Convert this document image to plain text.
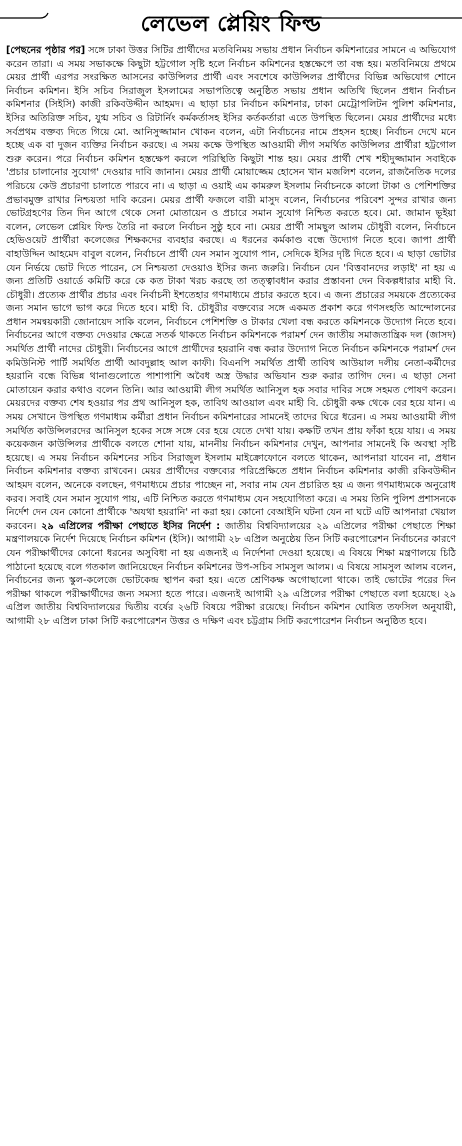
লেভেল প্লেয়িং ফিল্ড

[পেছনের পৃষ্ঠার পর] সঙ্গে ঢাকা উত্তর সিটির প্রার্থীদের মতবিনিময় সভায় প্রধান নির্বাচন কমিশনারের সামনে এ অভিযোগ করেন তারা। এ সময় সভাকক্ষে কিছুটা হট্টগোল সৃষ্টি হলে নির্বাচন কমিশনের হস্তক্ষেপে তা বন্ধ হয়। মতবিনিময়ে প্রথমে মেয়র প্রার্থী এরপর সংরক্ষিত আসনের কাউন্সিলর প্রার্থী এবং সবশেষে কাউন্সিলর প্রার্থীদের বিভিন্ন অভিযোগ শোনে নির্বাচন কমিশন। ইসি সচিব সিরাজুল ইসলামের সভাপতিত্বে অনুষ্ঠিত সভায় প্রধান অতিথি ছিলেন প্রধান নির্বাচন কমিশনার (সিইসি) কাজী রকিবউদ্দীন আহমদ। এ ছাড়া চার নির্বাচন কমিশনার, ঢাকা মেট্রোপলিটন পুলিশ কমিশনার, ইসির অতিরিক্ত সচিব, যুগ্ম সচিব ও রিটার্নিং কর্মকর্তাসহ ইসির কর্তকর্তারা এতে উপস্থিত ছিলেন। মেয়র প্রার্থীদের মধ্যে সর্বপ্রথম বক্তব্য দিতে গিয়ে মো. আনিসুজ্জামান খোকন বলেন, এটা নির্বাচনের নামে প্রহসন হচ্ছে। নির্বাচন দেখে মনে হচ্ছে এক বা দুজন ব্যক্তির নির্বাচন করছে। এ সময় কক্ষে উপস্থিত আওয়ামী লীগ সমর্থিত কাউন্সিলর প্রার্থীরা হট্টগোল শুরু করেন। পরে নির্বাচন কমিশন হস্তক্ষেপ করলে পরিস্থিতি কিছুটা শান্ত হয়। মেয়র প্রার্থী শেখ শহীদুজ্জামান সবাইকে 'প্রচার চালানোর সুযোগ' দেওয়ার দাবি জানান। মেয়র প্রার্থী মোয়াজ্জেম হোসেন খান মজলিশ বলেন, রাজনৈতিক দলের পরিচয়ে কেউ প্রচারণা চালাতে পারবে না। এ ছাড়া এ ওয়াই এম কামরুল ইসলাম নির্বাচনকে কালো টাকা ও পেশিশক্তির প্রভাবমুক্ত রাখার নিশ্চয়তা দাবি করেন। মেয়র প্রার্থী ফজলে বারী মাসুদ বলেন, নির্বাচনের পরিবেশ সুন্দর রাখার জন্য ভোটগ্রহণের তিন দিন আগে থেকে সেনা মোতায়েন ও প্রচারে সমান সুযোগ নিশ্চিত করতে হবে। মো. জামান ভূইয়া বলেন, লেভেল প্লেয়িং ফিল্ড তৈরি না করলে নির্বাচন সুষ্ঠু হবে না। মেয়র প্রার্থী সামছুল আলম চৌধুরী বলেন, নির্বাচনে হেভিওয়েট প্রার্থীরা কলেজের শিক্ষকদের ব্যবহার করছে। এ ধরনের কর্মকাণ্ড বন্ধে উদ্যোগ নিতে হবে। জাপা প্রার্থী বাহাউদ্দিন আহমেদ বাবুল বলেন, নির্বাচনে প্রার্থী যেন সমান সুযোগ পান, সেদিকে ইসির দৃষ্টি দিতে হবে। এ ছাড়া ভোটার যেন নির্ভয়ে ভোট দিতে পারেন, সে নিশ্চয়তা দেওয়াও ইসির জন্য জরুরি। নির্বাচন যেন 'বিত্তবানদের লড়াই' না হয় এ জন্য প্রতিটি ওয়ার্ডে কমিটি করে কে কত টাকা খরচ করছে তা তত্ত্বাবধান করার প্রস্তাবনা দেন বিকল্পধারার মাহী বি. চৌধুরী। প্রত্যেক প্রার্থীর প্রচার এবং নির্বাচনী ইশতেহার গণমাধ্যমে প্রচার করতে হবে। এ জন্য প্রচারের সময়কে প্রত্যেকের জন্য সমান ভাগে ভাগ করে দিতে হবে। মাহী বি. চৌধুরীর বক্তব্যের সঙ্গে একমত প্রকাশ করে গণসংহতি আন্দোলনের প্রধান সমন্বয়কারী জোনায়েদ সাকি বলেন, নির্বাচনে পেশিশক্তি ও টাকার খেলা বন্ধ করতে কমিশনকে উদ্যোগ নিতে হবে। নির্বাচনের আগে বক্তব্য দেওয়ার ক্ষেত্রে সতর্ক থাকতে নির্বাচন কমিশনকে পরামর্শ দেন জাতীয় সমাজতান্ত্রিক দল (জাসদ) সমর্থিত প্রার্থী নাদের চৌধুরী। নির্বাচনের আগে প্রার্থীদের হয়রানি বন্ধ করার উদ্যোগ নিতে নির্বাচন কমিশনকে পরামর্শ দেন কমিউনিস্ট পার্টি সমর্থিত প্রার্থী আবদুল্লাহ আল কাফী। বিএনপি সমর্থিত প্রার্থী তাবিথ আউয়াল দলীয় নেতা-কর্মীদের হয়রানি বন্ধে বিভিন্ন থানাগুলোতে পাশাপাশি অবৈধ অস্ত্র উদ্ধার অভিযান শুরু করার তাগিদ দেন। এ ছাড়া সেনা মোতায়েন করার কথাও বলেন তিনি। আর আওয়ামী লীগ সমর্থিত আনিসুল হক সবার দাবির সঙ্গে সহমত পোষণ করেন। মেয়রদের বক্তব্য শেষ হওয়ার পর প্রথ আনিসুল হক, তাবিথ আওয়াল এবং মাহী বি. চৌধুরী কক্ষ থেকে বের হয়ে যান। এ সময় সেখানে উপস্থিত গণমাধ্যম কর্মীরা প্রধান নির্বাচন কমিশনারের সামনেই তাদের ঘিরে ধরেন। এ সময় আওয়ামী লীগ সমর্থিত কাউন্সিলরদের আনিসুল হকের সঙ্গে সঙ্গে বের হয়ে যেতে দেখা যায়। কক্ষটি তখন প্রায় ফাঁকা হয়ে যায়। এ সময় কয়েকজন কাউন্সিলর প্রার্থীকে বলতে শোনা যায়, মাননীয় নির্বাচন কমিশনার দেখুন, আপনার সামনেই কি অবস্থা সৃষ্টি হয়েছে। এ সময় নির্বাচন কমিশনের সচিব সিরাজুল ইসলাম মাইক্রোফোনে বলতে থাকেন, আপনারা যাবেন না, প্রধান নির্বাচন কমিশনার বক্তব্য রাখবেন। মেয়র প্রার্থীদের বক্তব্যের পরিপ্রেক্ষিতে প্রধান নির্বাচন কমিশনার কাজী রকিবউদ্দীন আহমদ বলেন, অনেকে বলছেন, গণমাধ্যমে প্রচার পাচ্ছেন না, সবার নাম যেন প্রচারিত হয় এ জন্য গণমাধ্যমকে অনুরোধ করব। সবাই যেন সমান সুযোগ পায়, এটি নিশ্চিত করতে গণমাধ্যম যেন সহযোগিতা করে। এ সময় তিনি পুলিশ প্রশাসনকে নির্দেশ দেন যেন কোনো প্রার্থীকে 'অযথা হয়রানি' না করা হয়। কোনো বেআইনি ঘটনা যেন না ঘটে এটি আপনারা খেয়াল করবেন। ২৯ এপ্রিলের পরীক্ষা পেছাতে ইসির নির্দেশ : জাতীয় বিশ্ববিদ্যালয়ের ২৯ এপ্রিলের পরীক্ষা পেছাতে শিক্ষা মন্ত্রণালয়কে নির্দেশ দিয়েছে নির্বাচন কমিশন (ইসি)। আগামী ২৮ এপ্রিল অনুষ্ঠেয় তিন সিটি করপোরেশন নির্বাচনের কারণে যেন পরীক্ষার্থীদের কোনো ধরনের অসুবিধা না হয় এজন্যই এ নির্দেশনা দেওয়া হয়েছে। এ বিষয়ে শিক্ষা মন্ত্রণালয়ে চিঠি পাঠানো হয়েছে বলে গতকাল জানিয়েছেন নির্বাচন কমিশনের উপ-সচিব সামসুল আলম। এ বিষয়ে সামসুল আলম বলেন, নির্বাচনের জন্য স্কুল-কলেজে ভোটকেন্দ্র স্থাপন করা হয়। এতে শ্রেণিকক্ষ অগোছালো থাকে। তাই ভোটের পরের দিন পরীক্ষা থাকলে পরীক্ষার্থীদের জন্য সমস্যা হতে পারে। এজন্যই আগামী ২৯ এপ্রিলের পরীক্ষা পেছাতে বলা হয়েছে। ২৯ এপ্রিল জাতীয় বিশ্ববিদ্যালয়ের দ্বিতীয় বর্ষের ২৬টি বিষয়ে পরীক্ষা রয়েছে। নির্বাচন কমিশন ঘোষিত তফসিল অনুযায়ী, আগামী ২৮ এপ্রিল ঢাকা সিটি করপোরেশন উত্তর ও দক্ষিণ এবং চট্টগ্রাম সিটি করপোরেশন নির্বাচন অনুষ্ঠিত হবে।
